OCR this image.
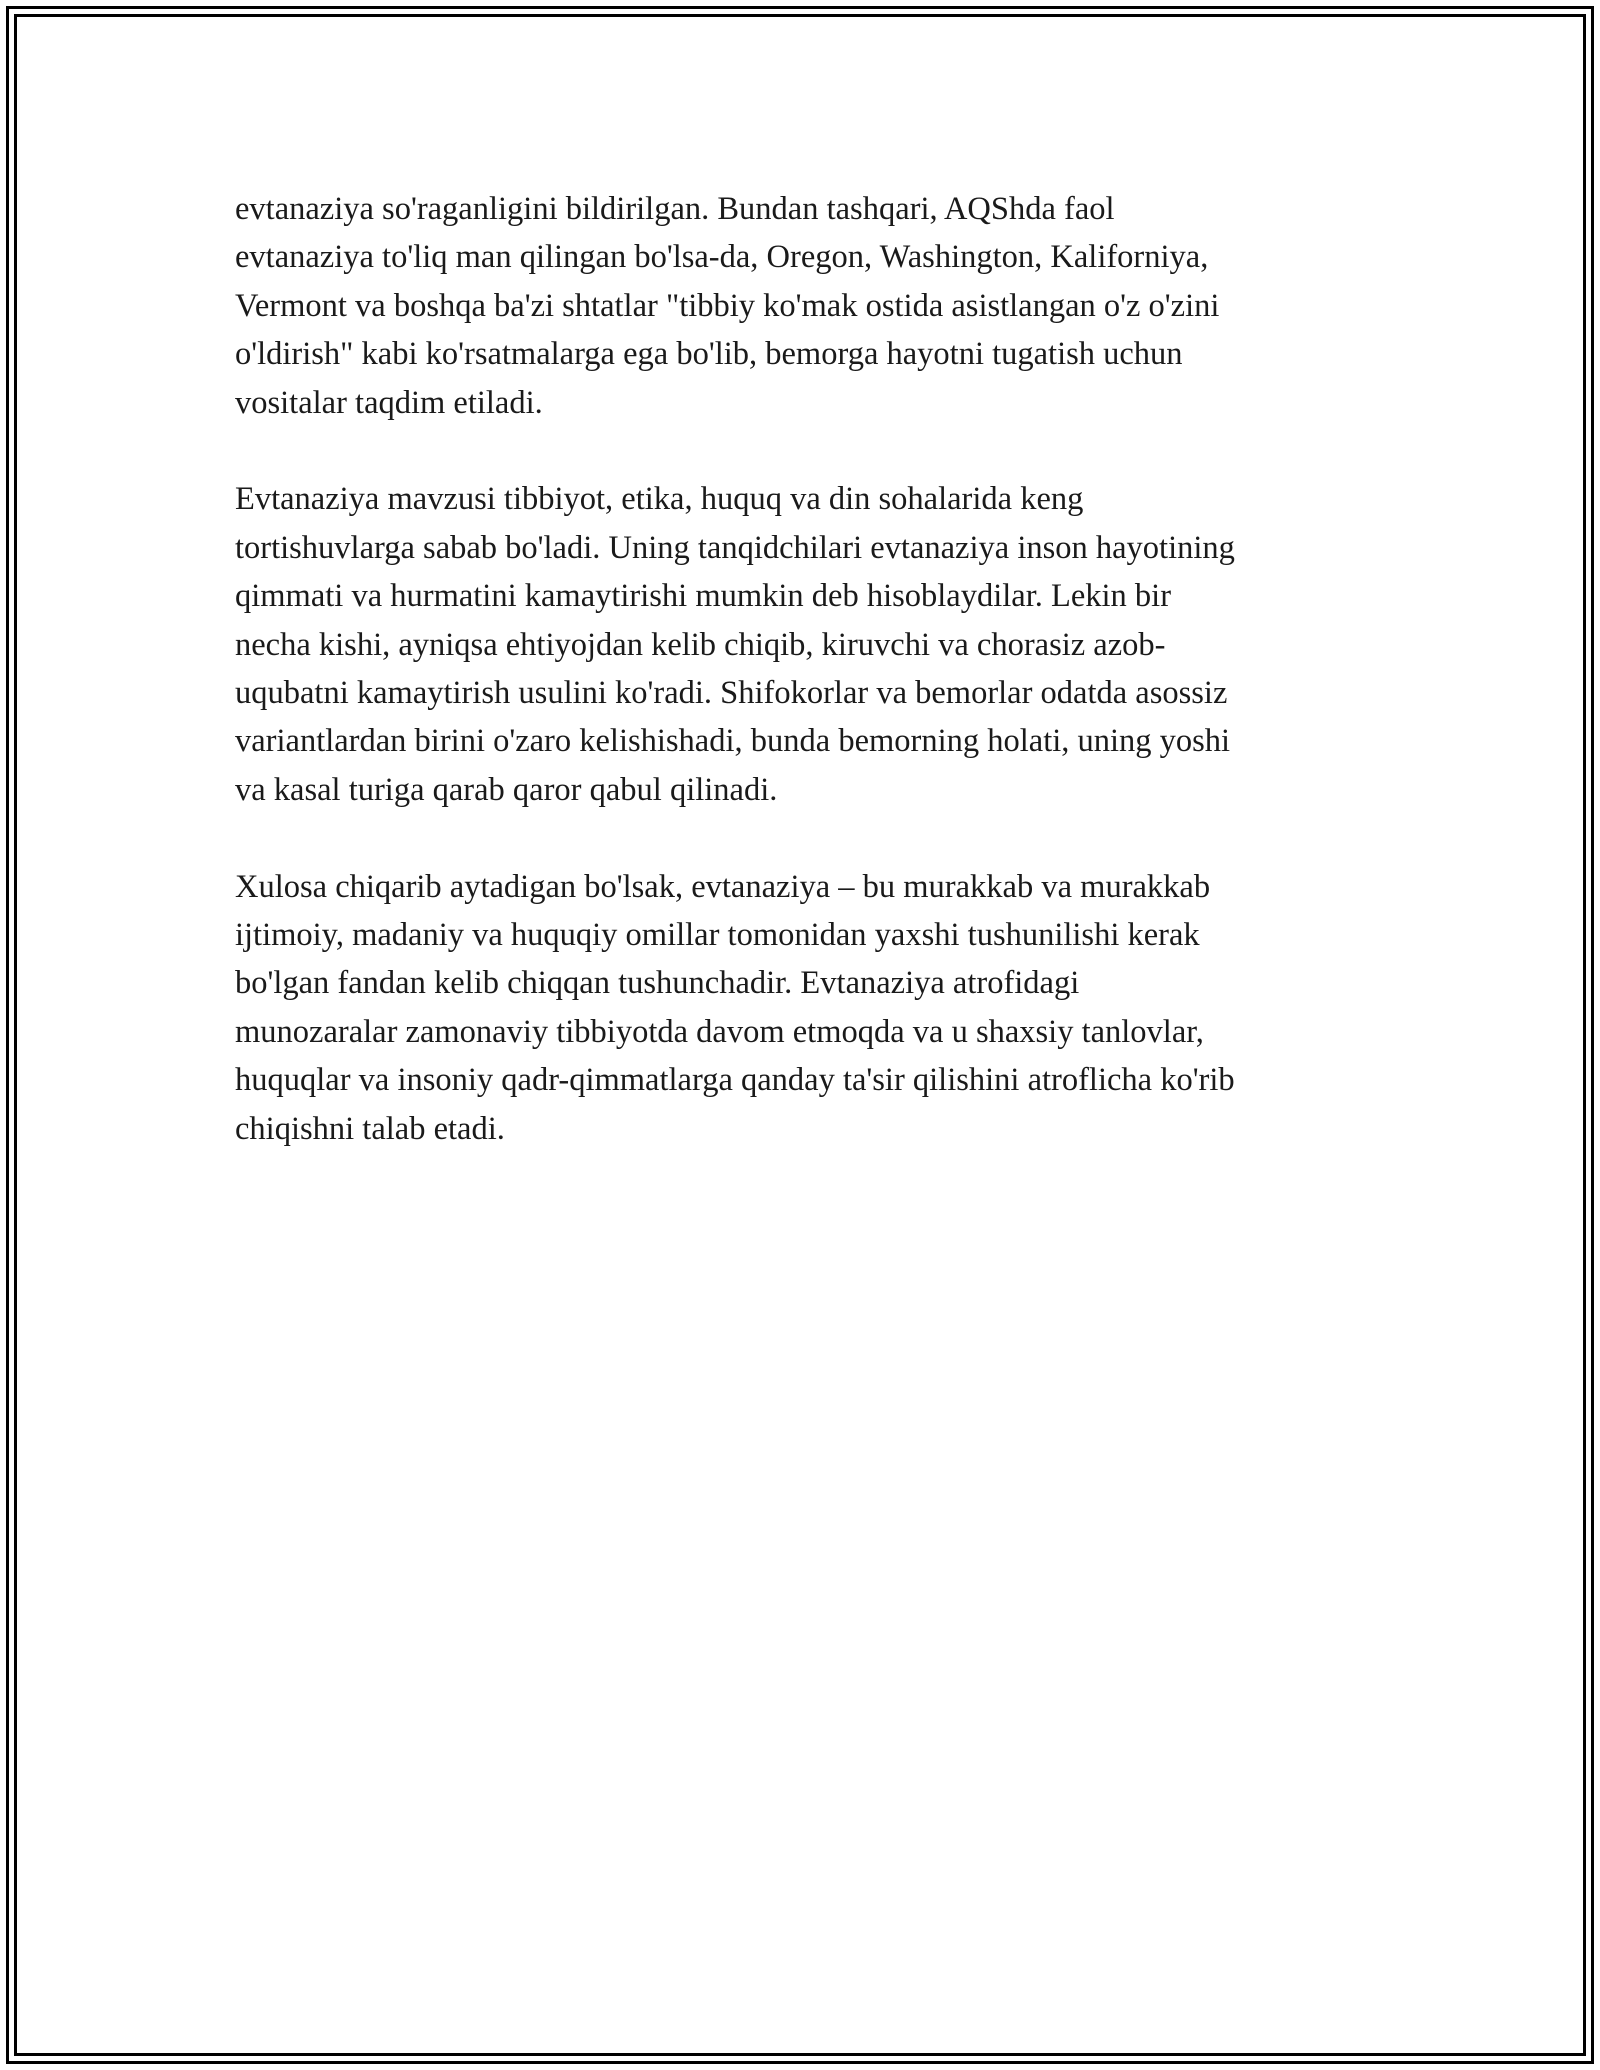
evtanaziya so'raganligini bildirilgan. Bundan tashqari, AQShda faol
evtanaziya to'liq man qilingan bo'lsa-da, Oregon, Washington, Kaliforniya,
Vermont va boshqa ba'zi shtatlar "tibbiy ko'mak ostida asistlangan o'z o'zini
o'ldirish" kabi ko'rsatmalarga ega bo'lib, bemorga hayotni tugatish uchun
vositalar taqdim etiladi.

Evtanaziya mavzusi tibbiyot, etika, huquq va din sohalarida keng
tortishuvlarga sabab bo'ladi. Uning tanqidchilari evtanaziya inson hayotining
qimmati va hurmatini kamaytirishi mumkin deb hisoblaydilar. Lekin bir
necha kishi, ayniqsa ehtiyojdan kelib chiqib, kiruvchi va chorasiz azob-
uqubatni kamaytirish usulini ko'radi. Shifokorlar va bemorlar odatda asossiz
variantlardan birini o'zaro kelishishadi, bunda bemorning holati, uning yoshi
va kasal turiga qarab qaror qabul qilinadi.

Xulosa chiqarib aytadigan bo'lsak, evtanaziya – bu murakkab va murakkab
ijtimoiy, madaniy va huquqiy omillar tomonidan yaxshi tushunilishi kerak
bo'lgan fandan kelib chiqqan tushunchadir. Evtanaziya atrofidagi
munozaralar zamonaviy tibbiyotda davom etmoqda va u shaxsiy tanlovlar,
huquqlar va insoniy qadr-qimmatlarga qanday ta'sir qilishini atroflicha ko'rib
chiqishni talab etadi.
